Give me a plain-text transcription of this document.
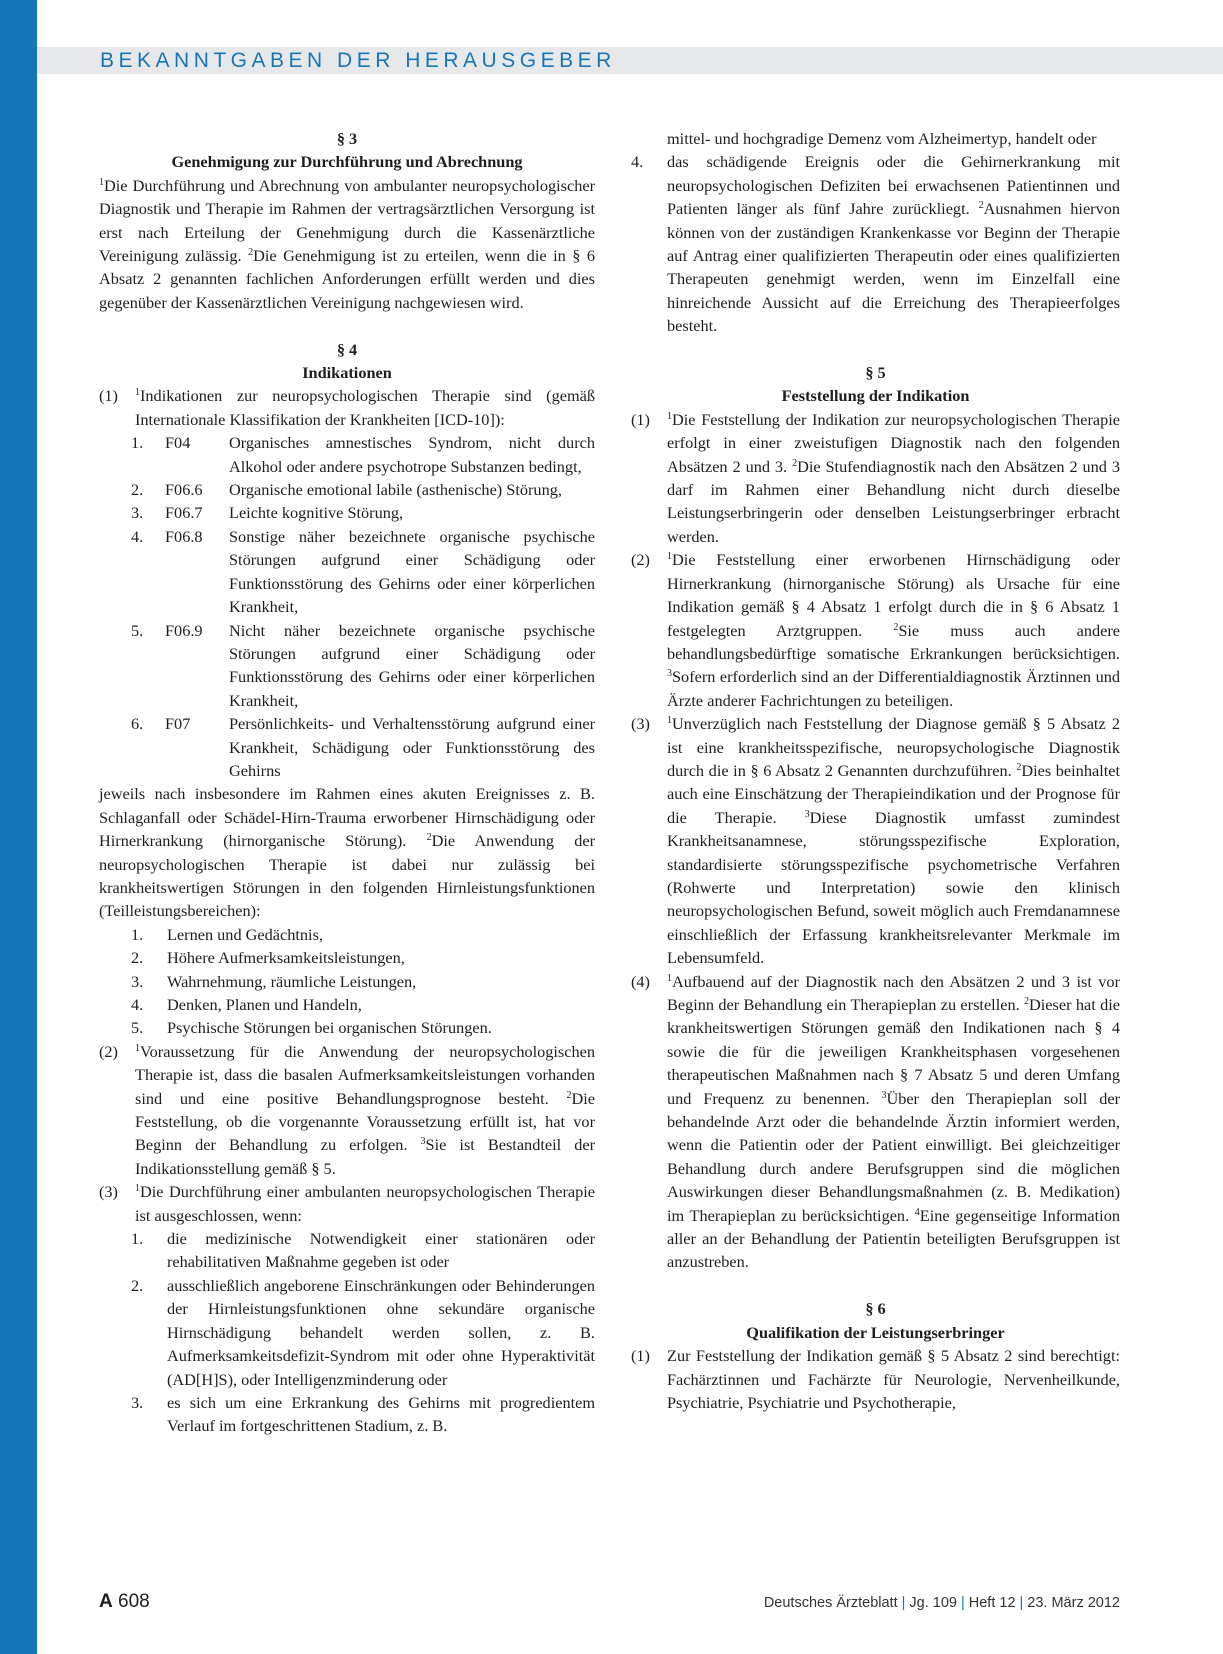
BEKANNTGABEN DER HERAUSGEBER
§ 3
Genehmigung zur Durchführung und Abrechnung
$^1$Die Durchführung und Abrechnung von ambulanter neuropsychologischer Diagnostik und Therapie im Rahmen der vertragsärztlichen Versorgung ist erst nach Erteilung der Genehmigung durch die Kassenärztliche Vereinigung zulässig. $^2$Die Genehmigung ist zu erteilen, wenn die in § 6 Absatz 2 genannten fachlichen Anforderungen erfüllt werden und dies gegenüber der Kassenärztlichen Vereinigung nachgewiesen wird.
§ 4
Indikationen
(1) $^1$Indikationen zur neuropsychologischen Therapie sind (gemäß Internationale Klassifikation der Krankheiten [ICD-10]):
1. F04 Organisches amnestisches Syndrom, nicht durch Alkohol oder andere psychotrope Substanzen bedingt,
2. F06.6 Organische emotional labile (asthenische) Störung,
3. F06.7 Leichte kognitive Störung,
4. F06.8 Sonstige näher bezeichnete organische psychische Störungen aufgrund einer Schädigung oder Funktionsstörung des Gehirns oder einer körperlichen Krankheit,
5. F06.9 Nicht näher bezeichnete organische psychische Störungen aufgrund einer Schädigung oder Funktionsstörung des Gehirns oder einer körperlichen Krankheit,
6. F07 Persönlichkeits- und Verhaltensstörung aufgrund einer Krankheit, Schädigung oder Funktionsstörung des Gehirns
jeweils nach insbesondere im Rahmen eines akuten Ereignisses z. B. Schlaganfall oder Schädel-Hirn-Trauma erworbener Hirnschädigung oder Hirnerkrankung (hirnorganische Störung). $^2$Die Anwendung der neuropsychologischen Therapie ist dabei nur zulässig bei krankheitswertigen Störungen in den folgenden Hirnleistungsfunktionen (Teilleistungsbereichen):
1. Lernen und Gedächtnis,
2. Höhere Aufmerksamkeitsleistungen,
3. Wahrnehmung, räumliche Leistungen,
4. Denken, Planen und Handeln,
5. Psychische Störungen bei organischen Störungen.
(2) $^1$Voraussetzung für die Anwendung der neuropsychologischen Therapie ist, dass die basalen Aufmerksamkeitsleistungen vorhanden sind und eine positive Behandlungsprognose besteht. $^2$Die Feststellung, ob die vorgenannte Voraussetzung erfüllt ist, hat vor Beginn der Behandlung zu erfolgen. $^3$Sie ist Bestandteil der Indikationsstellung gemäß § 5.
(3) $^1$Die Durchführung einer ambulanten neuropsychologischen Therapie ist ausgeschlossen, wenn:
1. die medizinische Notwendigkeit einer stationären oder rehabilitativen Maßnahme gegeben ist oder
2. ausschließlich angeborene Einschränkungen oder Behinderungen der Hirnleistungsfunktionen ohne sekundäre organische Hirnschädigung behandelt werden sollen, z. B. Aufmerksamkeitsdefizit-Syndrom mit oder ohne Hyperaktivität (AD[H]S), oder Intelligenzminderung oder
3. es sich um eine Erkrankung des Gehirns mit progredientem Verlauf im fortgeschrittenen Stadium, z. B.
mittel- und hochgradige Demenz vom Alzheimertyp, handelt oder
4. das schädigende Ereignis oder die Gehirnerkrankung mit neuropsychologischen Defiziten bei erwachsenen Patientinnen und Patienten länger als fünf Jahre zurückliegt. $^2$Ausnahmen hiervon können von der zuständigen Krankenkasse vor Beginn der Therapie auf Antrag einer qualifizierten Therapeutin oder eines qualifizierten Therapeuten genehmigt werden, wenn im Einzelfall eine hinreichende Aussicht auf die Erreichung des Therapieerfolges besteht.
§ 5
Feststellung der Indikation
(1) $^1$Die Feststellung der Indikation zur neuropsychologischen Therapie erfolgt in einer zweistufigen Diagnostik nach den folgenden Absätzen 2 und 3. $^2$Die Stufendiagnostik nach den Absätzen 2 und 3 darf im Rahmen einer Behandlung nicht durch dieselbe Leistungserbringerin oder denselben Leistungserbringer erbracht werden.
(2) $^1$Die Feststellung einer erworbenen Hirnschädigung oder Hirnerkrankung (hirnorganische Störung) als Ursache für eine Indikation gemäß § 4 Absatz 1 erfolgt durch die in § 6 Absatz 1 festgelegten Arztgruppen.	$^2$Sie muss auch andere behandlungsbedürftige somatische Erkrankungen berücksichtigen. $^3$Sofern erforderlich sind an der Differentialdiagnostik Ärztinnen und Ärzte anderer Fachrichtungen zu beteiligen.
(3) $^1$Unverzüglich nach Feststellung der Diagnose gemäß § 5 Absatz 2 ist eine krankheitsspezifische, neuropsychologische Diagnostik durch die in § 6 Absatz 2 Genannten durchzuführen. $^2$Dies beinhaltet auch eine Einschätzung der Therapieindikation und der Prognose für die Therapie.	$^3$Diese Diagnostik umfasst zumindest Krankheitsanamnese, störungsspezifische Exploration, standardisierte störungsspezifische psychometrische Verfahren (Rohwerte und Interpretation) sowie den klinisch neuropsychologischen Befund, soweit möglich auch Fremdanamnese einschließlich der Erfassung krankheitsrelevanter Merkmale im Lebensumfeld.
(4) $^1$Aufbauend auf der Diagnostik nach den Absätzen 2 und 3 ist vor Beginn der Behandlung ein Therapieplan zu erstellen. $^2$Dieser hat die krankheitswertigen Störungen gemäß den Indikationen nach § 4 sowie die für die jeweiligen Krankheitsphasen vorgesehenen therapeutischen Maßnahmen nach § 7 Absatz 5 und deren Umfang und Frequenz zu benennen. $^3$Über den Therapieplan soll der behandelnde Arzt oder die behandelnde Ärztin informiert werden, wenn die Patientin oder der Patient einwilligt. Bei gleichzeitiger Behandlung durch andere Berufsgruppen sind die möglichen Auswirkungen dieser Behandlungsmaßnahmen (z. B. Medikation) im Therapieplan zu berücksichtigen. $^4$Eine gegenseitige Information aller an der Behandlung der Patientin beteiligten Berufsgruppen ist anzustreben.
§ 6
Qualifikation der Leistungserbringer
(1) Zur Feststellung der Indikation gemäß § 5 Absatz 2 sind berechtigt: Fachärztinnen und Fachärzte für Neurologie, Nervenheilkunde, Psychiatrie, Psychiatrie und Psychotherapie,
A 608	Deutsches Ärzteblatt | Jg. 109 | Heft 12 | 23. März 2012
